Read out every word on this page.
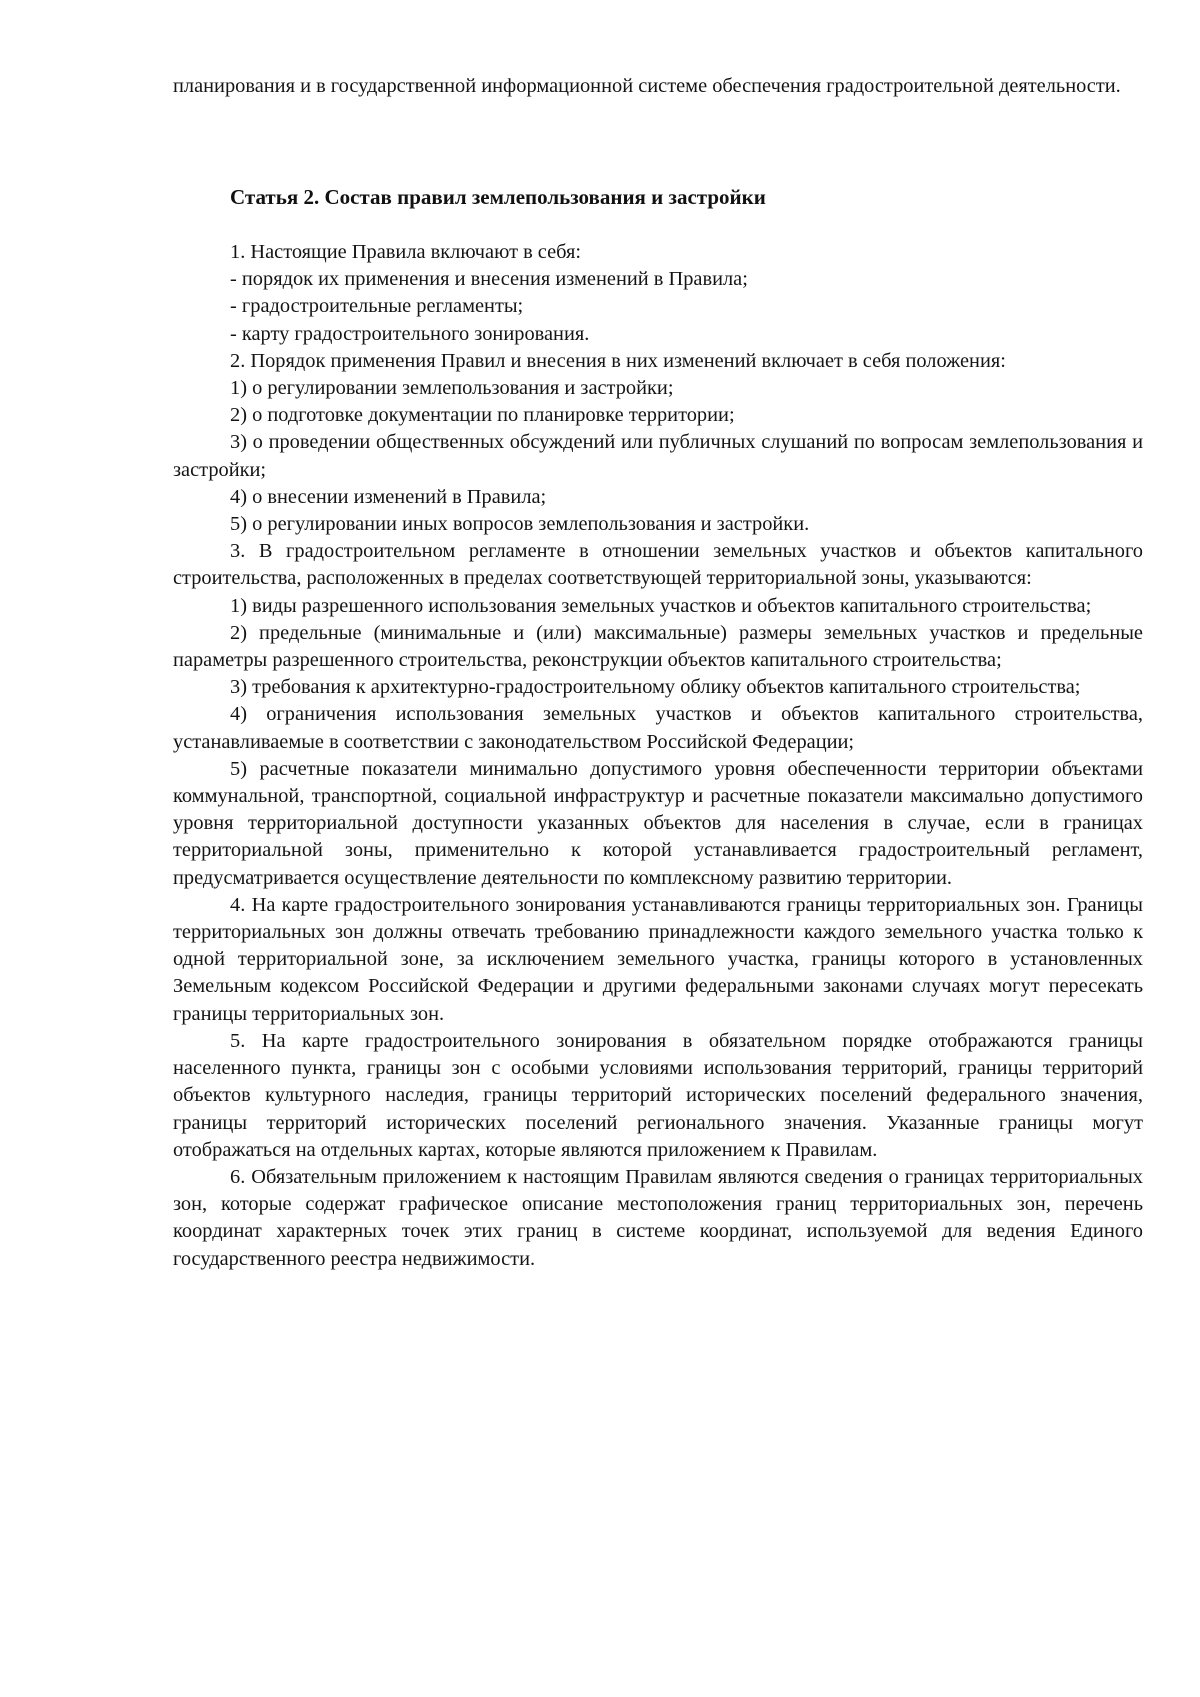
планирования и в государственной информационной системе обеспечения градостроительной деятельности.

Статья 2. Состав правил землепользования и застройки

1. Настоящие Правила включают в себя:

- порядок их применения и внесения изменений в Правила;

- градостроительные регламенты;

- карту градостроительного зонирования.

2. Порядок применения Правил и внесения в них изменений включает в себя положения:

1) о регулировании землепользования и застройки;

2) о подготовке документации по планировке территории;

3) о проведении общественных обсуждений или публичных слушаний по вопросам землепользования и застройки;

4) о внесении изменений в Правила;

5) о регулировании иных вопросов землепользования и застройки.

3. В градостроительном регламенте в отношении земельных участков и объектов капитального строительства, расположенных в пределах соответствующей территориальной зоны, указываются:

1) виды разрешенного использования земельных участков и объектов капитального строительства;

2) предельные (минимальные и (или) максимальные) размеры земельных участков и предельные параметры разрешенного строительства, реконструкции объектов капитального строительства;

3) требования к архитектурно-градостроительному облику объектов капитального строительства;

4) ограничения использования земельных участков и объектов капитального строительства, устанавливаемые в соответствии с законодательством Российской Федерации;

5) расчетные показатели минимально допустимого уровня обеспеченности территории объектами коммунальной, транспортной, социальной инфраструктур и расчетные показатели максимально допустимого уровня территориальной доступности указанных объектов для населения в случае, если в границах территориальной зоны, применительно к которой устанавливается градостроительный регламент, предусматривается осуществление деятельности по комплексному развитию территории.

4. На карте градостроительного зонирования устанавливаются границы территориальных зон. Границы территориальных зон должны отвечать требованию принадлежности каждого земельного участка только к одной территориальной зоне, за исключением земельного участка, границы которого в установленных Земельным кодексом Российской Федерации и другими федеральными законами случаях могут пересекать границы территориальных зон.

5. На карте градостроительного зонирования в обязательном порядке отображаются границы населенного пункта, границы зон с особыми условиями использования территорий, границы территорий объектов культурного наследия, границы территорий исторических поселений федерального значения, границы территорий исторических поселений регионального значения. Указанные границы могут отображаться на отдельных картах, которые являются приложением к Правилам.

6. Обязательным приложением к настоящим Правилам являются сведения о границах территориальных зон, которые содержат графическое описание местоположения границ территориальных зон, перечень координат характерных точек этих границ в системе координат, используемой для ведения Единого государственного реестра недвижимости.
